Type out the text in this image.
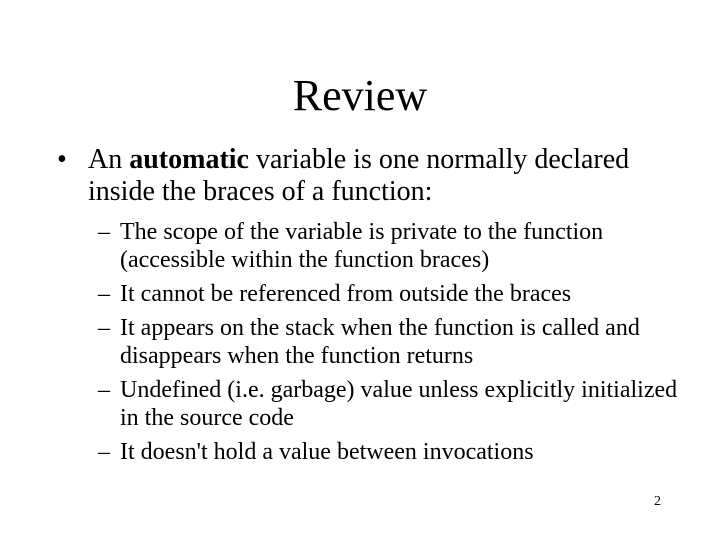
Review
• An automatic variable is one normally declared inside the braces of a function:
– The scope of the variable is private to the function (accessible within the function braces)
– It cannot be referenced from outside the braces
– It appears on the stack when the function is called and disappears when the function returns
– Undefined (i.e. garbage) value unless explicitly initialized in the source code
– It doesn't hold a value between invocations
2
